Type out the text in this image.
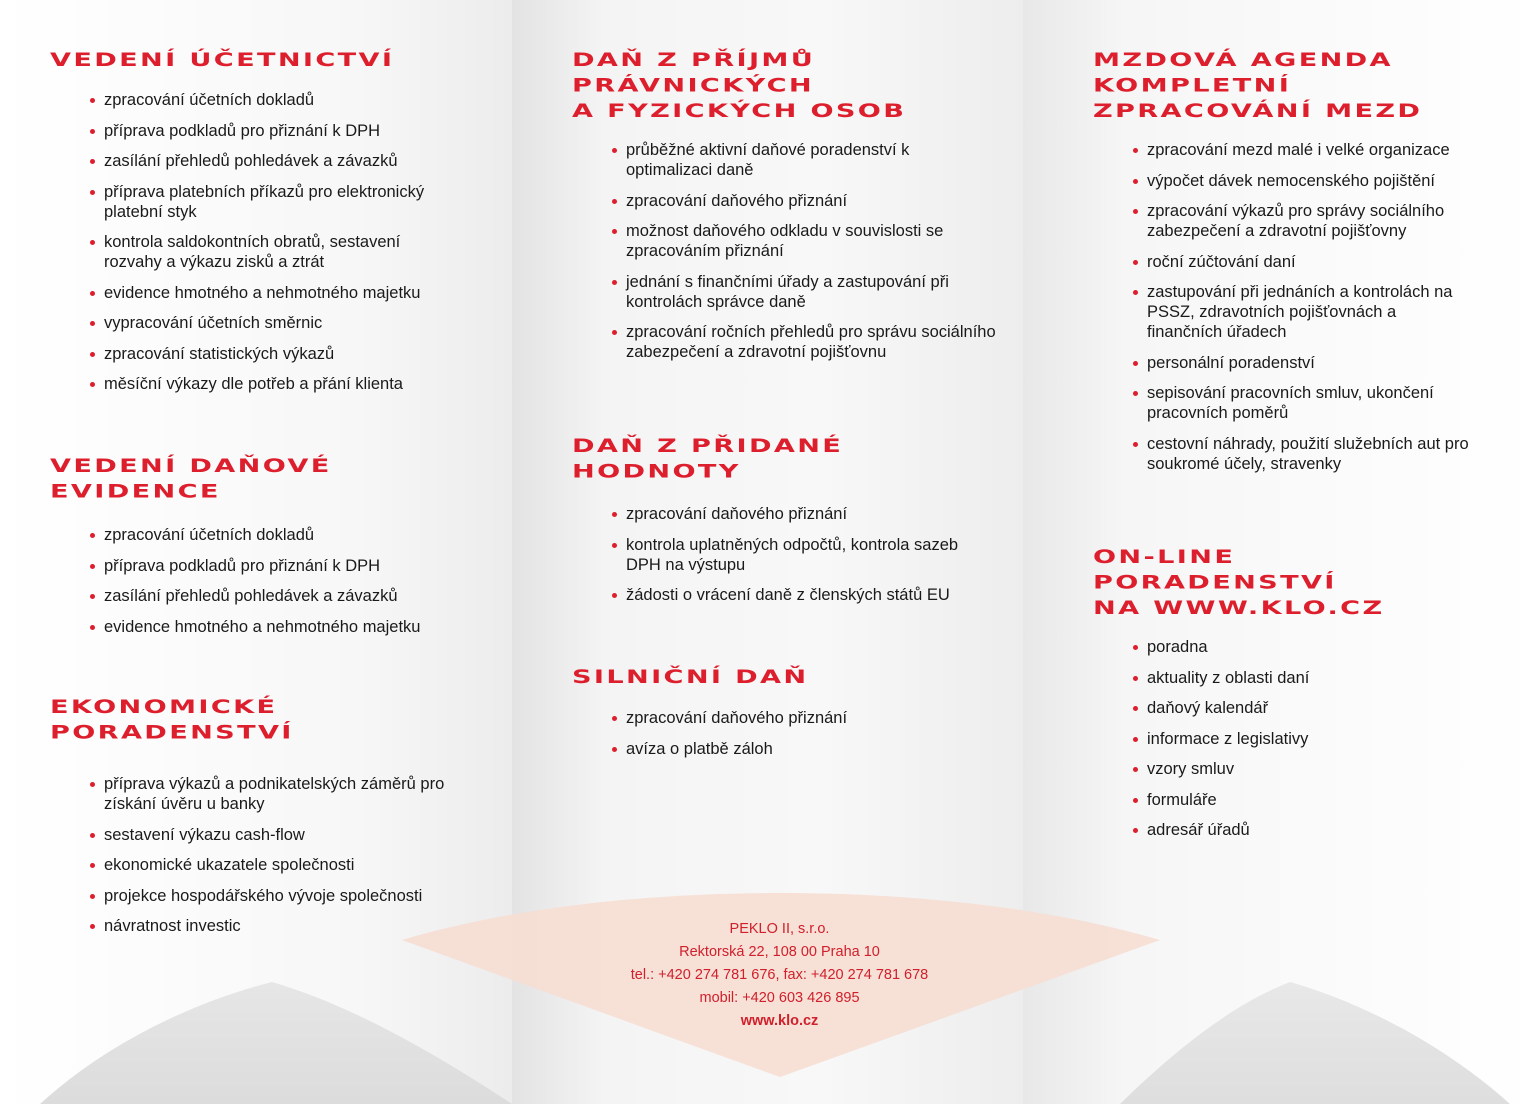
VEDENÍ ÚČETNICTVÍ
zpracování účetních dokladů
příprava podkladů pro přiznání k DPH
zasílání přehledů pohledávek a závazků
příprava platebních příkazů pro elektronický platební styk
kontrola saldokontních obratů, sestavení rozvahy a výkazu zisků a ztrát
evidence hmotného a nehmotného majetku
vypracování účetních směrnic
zpracování statistických výkazů
měsíční výkazy dle potřeb a přání klienta
VEDENÍ DAŇOVÉ
EVIDENCE
zpracování účetních dokladů
příprava podkladů pro přiznání k DPH
zasílání přehledů pohledávek a závazků
evidence hmotného a nehmotného majetku
EKONOMICKÉ
PORADENSTVÍ
příprava výkazů a podnikatelských záměrů pro získání úvěru u banky
sestavení výkazu cash-flow
ekonomické ukazatele společnosti
projekce hospodářského vývoje společnosti
návratnost investic
DAŇ Z PŘÍJMŮ
PRÁVNICKÝCH
A FYZICKÝCH OSOB
průběžné aktivní daňové poradenství k optimalizaci daně
zpracování daňového přiznání
možnost daňového odkladu v souvislosti se zpracováním přiznání
jednání s finančními úřady a zastupování při kontrolách správce daně
zpracování ročních přehledů pro správu sociálního zabezpečení a zdravotní pojišťovnu
DAŇ Z PŘIDANÉ
HODNOTY
zpracování daňového přiznání
kontrola uplatněných odpočtů, kontrola sazeb DPH na výstupu
žádosti o vrácení daně z členských států EU
SILNIČNÍ DAŇ
zpracování daňového přiznání
avíza o platbě záloh
MZDOVÁ AGENDA
KOMPLETNÍ
ZPRACOVÁNÍ MEZD
zpracování mezd malé i velké organizace
výpočet dávek nemocenského pojištění
zpracování výkazů pro správy sociálního zabezpečení a zdravotní pojišťovny
roční zúčtování daní
zastupování při jednáních a kontrolách na PSSZ, zdravotních pojišťovnách a finančních úřadech
personální poradenství
sepisování pracovních smluv, ukončení pracovních poměrů
cestovní náhrady, použití služebních aut pro soukromé účely, stravenky
ON-LINE
PORADENSTVÍ
NA WWW.KLO.CZ
poradna
aktuality z oblasti daní
daňový kalendář
informace z legislativy
vzory smluv
formuláře
adresář úřadů
PEKLO II, s.r.o.
Rektorská 22, 108 00 Praha 10
tel.: +420 274 781 676, fax: +420 274 781 678
mobil: +420 603 426 895
www.klo.cz
